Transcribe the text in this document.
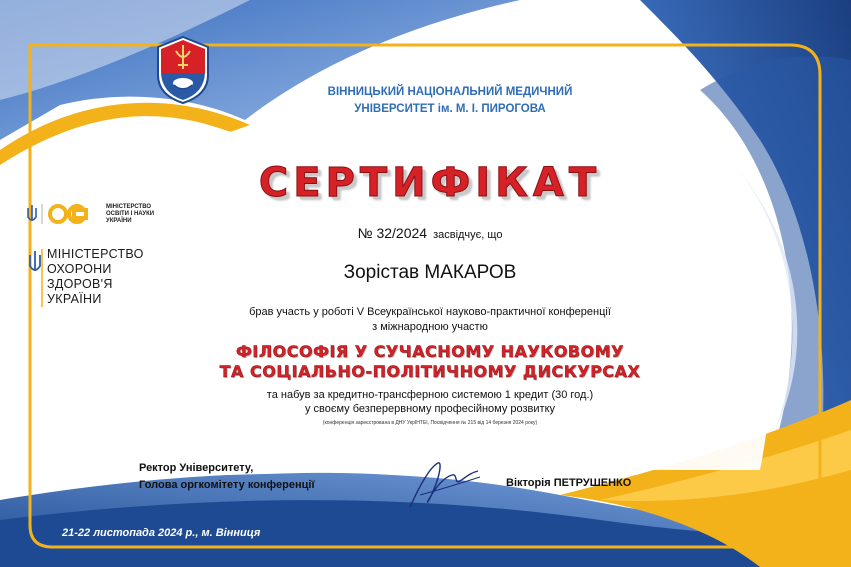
ВІННИЦЬКИЙ НАЦІОНАЛЬНИЙ МЕДИЧНИЙ
УНІВЕРСИТЕТ ім. М. І. ПИРОГОВА
МІНІСТЕРСТВО
ОСВІТИ І НАУКИ
УКРАЇНИ
МІНІСТЕРСТВО
ОХОРОНИ
ЗДОРОВ'Я
УКРАЇНИ
СЕРТИФІКАТ
№ 32/2024 засвідчує, що
Зорістав МАКАРОВ
брав участь у роботі V Всеукраїнської науково-практичної конференції
з міжнародною участю
ФІЛОСОФІЯ У СУЧАСНОМУ НАУКОВОМУ
ТА СОЦІАЛЬНО-ПОЛІТИЧНОМУ ДИСКУРСАХ
та набув за кредитно-трансферною системою 1 кредит (30 год.)
у своєму безперервному професійному розвитку
(конференція зареєстрована в ДНУ УкрІНТЕІ, Посвідчення № 215 від 14 березня 2024 року)
Ректор Університету,
Голова оргкомітету конференції	Вікторія ПЕТРУШЕНКО
21-22 листопада 2024 р., м. Вінниця
